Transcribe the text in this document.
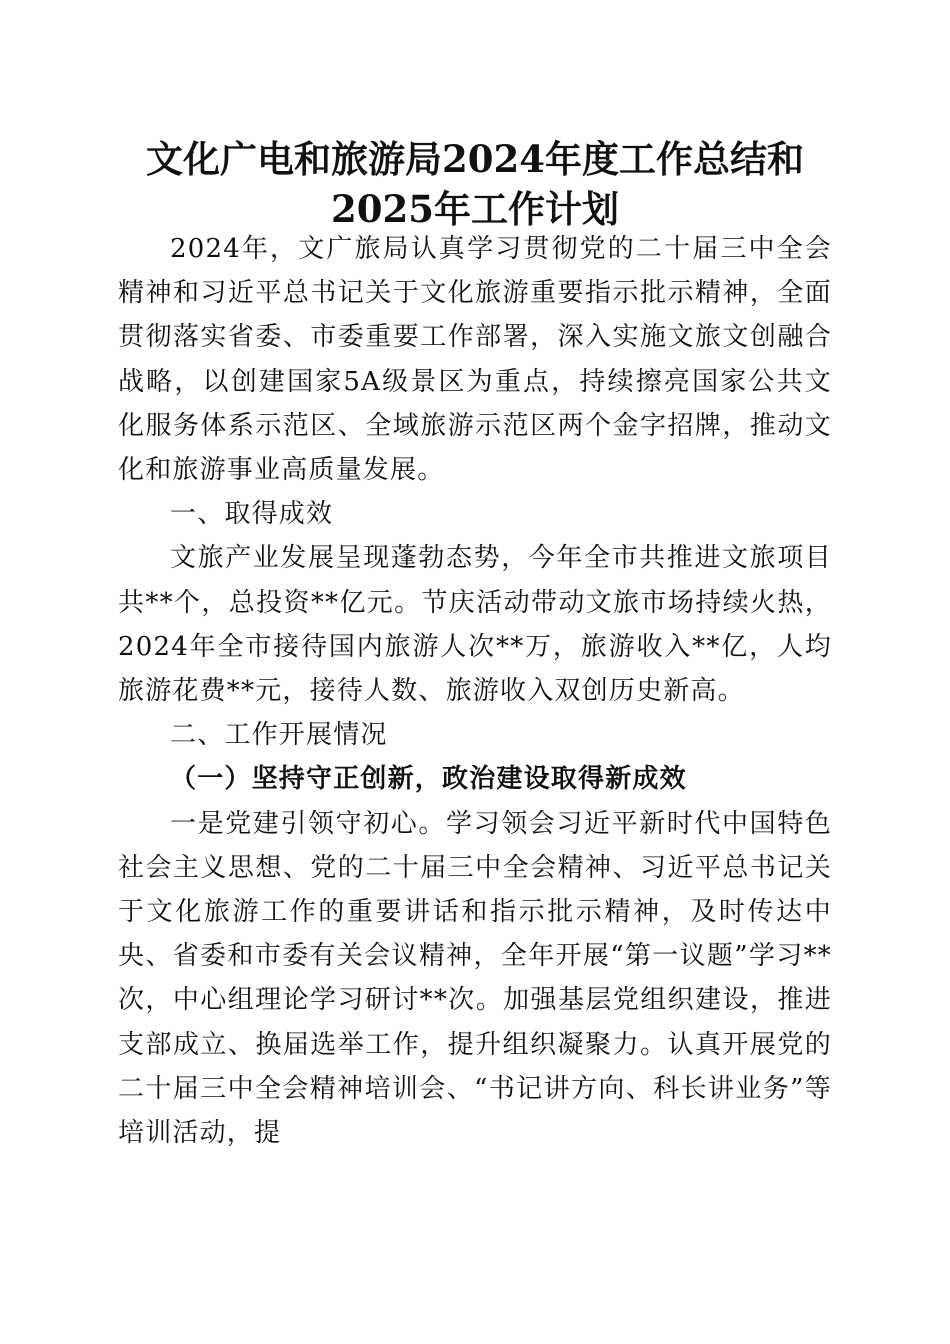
文化广电和旅游局2024年度工作总结和2025年工作计划

2024年，文广旅局认真学习贯彻党的二十届三中全会精神和习近平总书记关于文化旅游重要指示批示精神，全面贯彻落实省委、市委重要工作部署，深入实施文旅文创融合战略，以创建国家5A级景区为重点，持续擦亮国家公共文化服务体系示范区、全域旅游示范区两个金字招牌，推动文化和旅游事业高质量发展。

一、取得成效

文旅产业发展呈现蓬勃态势，今年全市共推进文旅项目共**个，总投资**亿元。节庆活动带动文旅市场持续火热，2024年全市接待国内旅游人次**万，旅游收入**亿，人均旅游花费**元，接待人数、旅游收入双创历史新高。

二、工作开展情况

（一）坚持守正创新，政治建设取得新成效

一是党建引领守初心。学习领会习近平新时代中国特色社会主义思想、党的二十届三中全会精神、习近平总书记关于文化旅游工作的重要讲话和指示批示精神，及时传达中央、省委和市委有关会议精神，全年开展“第一议题”学习**次，中心组理论学习研讨**次。加强基层党组织建设，推进支部成立、换届选举工作，提升组织凝聚力。认真开展党的二十届三中全会精神培训会、“书记讲方向、科长讲业务”等培训活动，提
